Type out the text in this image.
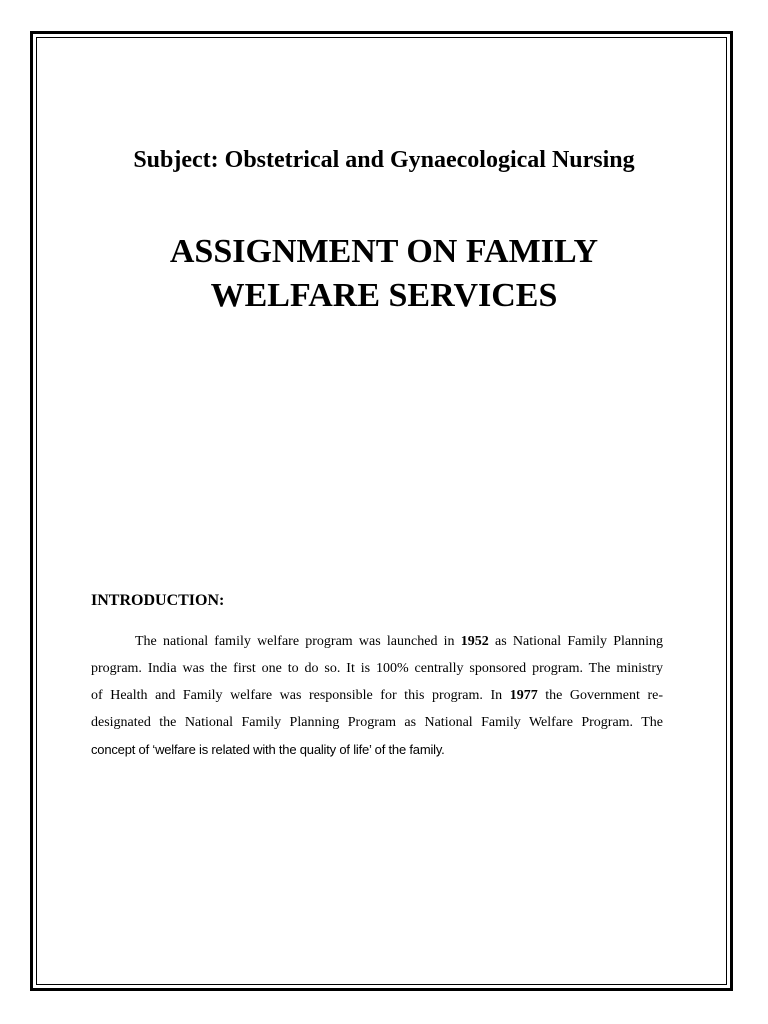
Subject: Obstetrical and Gynaecological Nursing
ASSIGNMENT ON FAMILY
WELFARE SERVICES
INTRODUCTION:
The national family welfare program was launched in 1952 as National Family Planning
program. India was the first one to do so. It is 100% centrally sponsored program. The ministry
of Health and Family welfare was responsible for this program. In 1977 the Government re-
designated the National Family Planning Program as National Family Welfare Program. The
concept of ‘welfare is related with the quality of life’ of the family.
